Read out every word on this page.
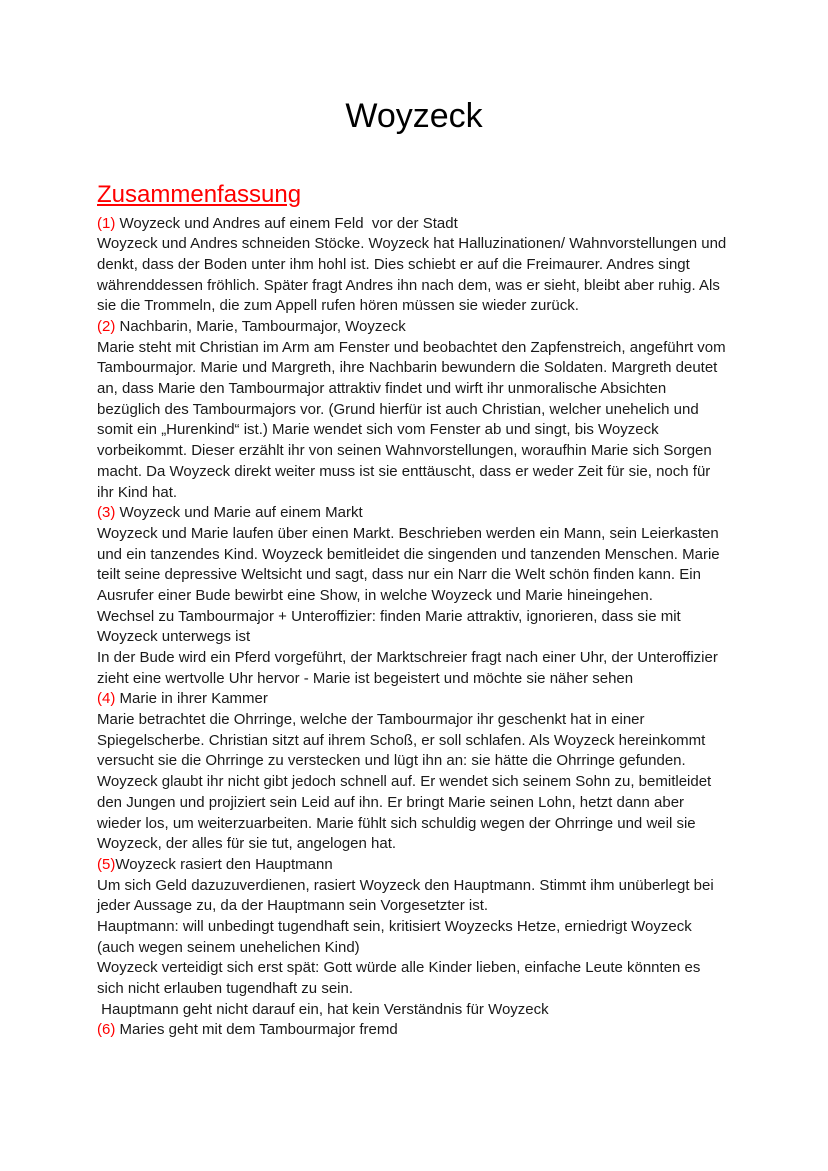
Woyzeck
Zusammenfassung

(1) Woyzeck und Andres auf einem Feld  vor der Stadt

Woyzeck und Andres schneiden Stöcke. Woyzeck hat Halluzinationen/ Wahnvorstellungen und denkt, dass der Boden unter ihm hohl ist. Dies schiebt er auf die Freimaurer. Andres singt währenddessen fröhlich. Später fragt Andres ihn nach dem, was er sieht, bleibt aber ruhig. Als sie die Trommeln, die zum Appell rufen hören müssen sie wieder zurück.

(2) Nachbarin, Marie, Tambourmajor, Woyzeck

Marie steht mit Christian im Arm am Fenster und beobachtet den Zapfenstreich, angeführt vom Tambourmajor. Marie und Margreth, ihre Nachbarin bewundern die Soldaten. Margreth deutet an, dass Marie den Tambourmajor attraktiv findet und wirft ihr unmoralische Absichten bezüglich des Tambourmajors vor. (Grund hierfür ist auch Christian, welcher unehelich und somit ein „Hurenkind“ ist.) Marie wendet sich vom Fenster ab und singt, bis Woyzeck vorbeikommt. Dieser erzählt ihr von seinen Wahnvorstellungen, woraufhin Marie sich Sorgen macht. Da Woyzeck direkt weiter muss ist sie enttäuscht, dass er weder Zeit für sie, noch für ihr Kind hat.

(3) Woyzeck und Marie auf einem Markt

Woyzeck und Marie laufen über einen Markt. Beschrieben werden ein Mann, sein Leierkasten und ein tanzendes Kind. Woyzeck bemitleidet die singenden und tanzenden Menschen. Marie teilt seine depressive Weltsicht und sagt, dass nur ein Narr die Welt schön finden kann. Ein Ausrufer einer Bude bewirbt eine Show, in welche Woyzeck und Marie hineingehen.

Wechsel zu Tambourmajor + Unteroffizier: finden Marie attraktiv, ignorieren, dass sie mit Woyzeck unterwegs ist

In der Bude wird ein Pferd vorgeführt, der Marktschreier fragt nach einer Uhr, der Unteroffizier zieht eine wertvolle Uhr hervor - Marie ist begeistert und möchte sie näher sehen

(4) Marie in ihrer Kammer

Marie betrachtet die Ohrringe, welche der Tambourmajor ihr geschenkt hat in einer Spiegelscherbe. Christian sitzt auf ihrem Schoß, er soll schlafen. Als Woyzeck hereinkommt versucht sie die Ohrringe zu verstecken und lügt ihn an: sie hätte die Ohrringe gefunden. Woyzeck glaubt ihr nicht gibt jedoch schnell auf. Er wendet sich seinem Sohn zu, bemitleidet den Jungen und projiziert sein Leid auf ihn. Er bringt Marie seinen Lohn, hetzt dann aber wieder los, um weiterzuarbeiten. Marie fühlt sich schuldig wegen der Ohrringe und weil sie Woyzeck, der alles für sie tut, angelogen hat.

(5)Woyzeck rasiert den Hauptmann

Um sich Geld dazuzuverdienen, rasiert Woyzeck den Hauptmann. Stimmt ihm unüberlegt bei jeder Aussage zu, da der Hauptmann sein Vorgesetzter ist.

Hauptmann: will unbedingt tugendhaft sein, kritisiert Woyzecks Hetze, erniedrigt Woyzeck (auch wegen seinem unehelichen Kind)

Woyzeck verteidigt sich erst spät: Gott würde alle Kinder lieben, einfache Leute könnten es sich nicht erlauben tugendhaft zu sein.

Hauptmann geht nicht darauf ein, hat kein Verständnis für Woyzeck

(6) Maries geht mit dem Tambourmajor fremd
